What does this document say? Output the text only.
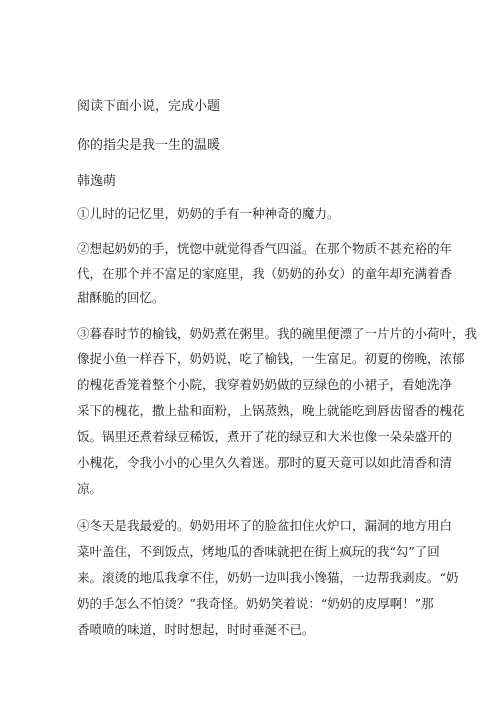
阅读下面小说，完成小题
你的指尖是我一生的温暖
韩逸萌
①儿时的记忆里，奶奶的手有一种神奇的魔力。
②想起奶奶的手，恍惚中就觉得香气四溢。在那个物质不甚充裕的年
代，在那个并不富足的家庭里，我（奶奶的孙女）的童年却充满着香
甜酥脆的回忆。
③暮春时节的榆钱，奶奶煮在粥里。我的碗里便漂了一片片的小荷叶，我
像捉小鱼一样吞下，奶奶说，吃了榆钱，一生富足。初夏的傍晚，浓郁
的槐花香笼着整个小院，我穿着奶奶做的豆绿色的小裙子，看她洗净
采下的槐花，撒上盐和面粉，上锅蒸熟，晚上就能吃到唇齿留香的槐花
饭。锅里还煮着绿豆稀饭，煮开了花的绿豆和大米也像一朵朵盛开的
小槐花，令我小小的心里久久着迷。那时的夏天竟可以如此清香和清
凉。
④冬天是我最爱的。奶奶用坏了的脸盆扣住火炉口，漏洞的地方用白
菜叶盖住，不到饭点，烤地瓜的香味就把在街上疯玩的我“勾”了回
来。滚烫的地瓜我拿不住，奶奶一边叫我小馋猫，一边帮我剥皮。“奶
奶的手怎么不怕烫？”我奇怪。奶奶笑着说：“奶奶的皮厚啊！”那
香喷喷的味道，时时想起，时时垂涎不已。
